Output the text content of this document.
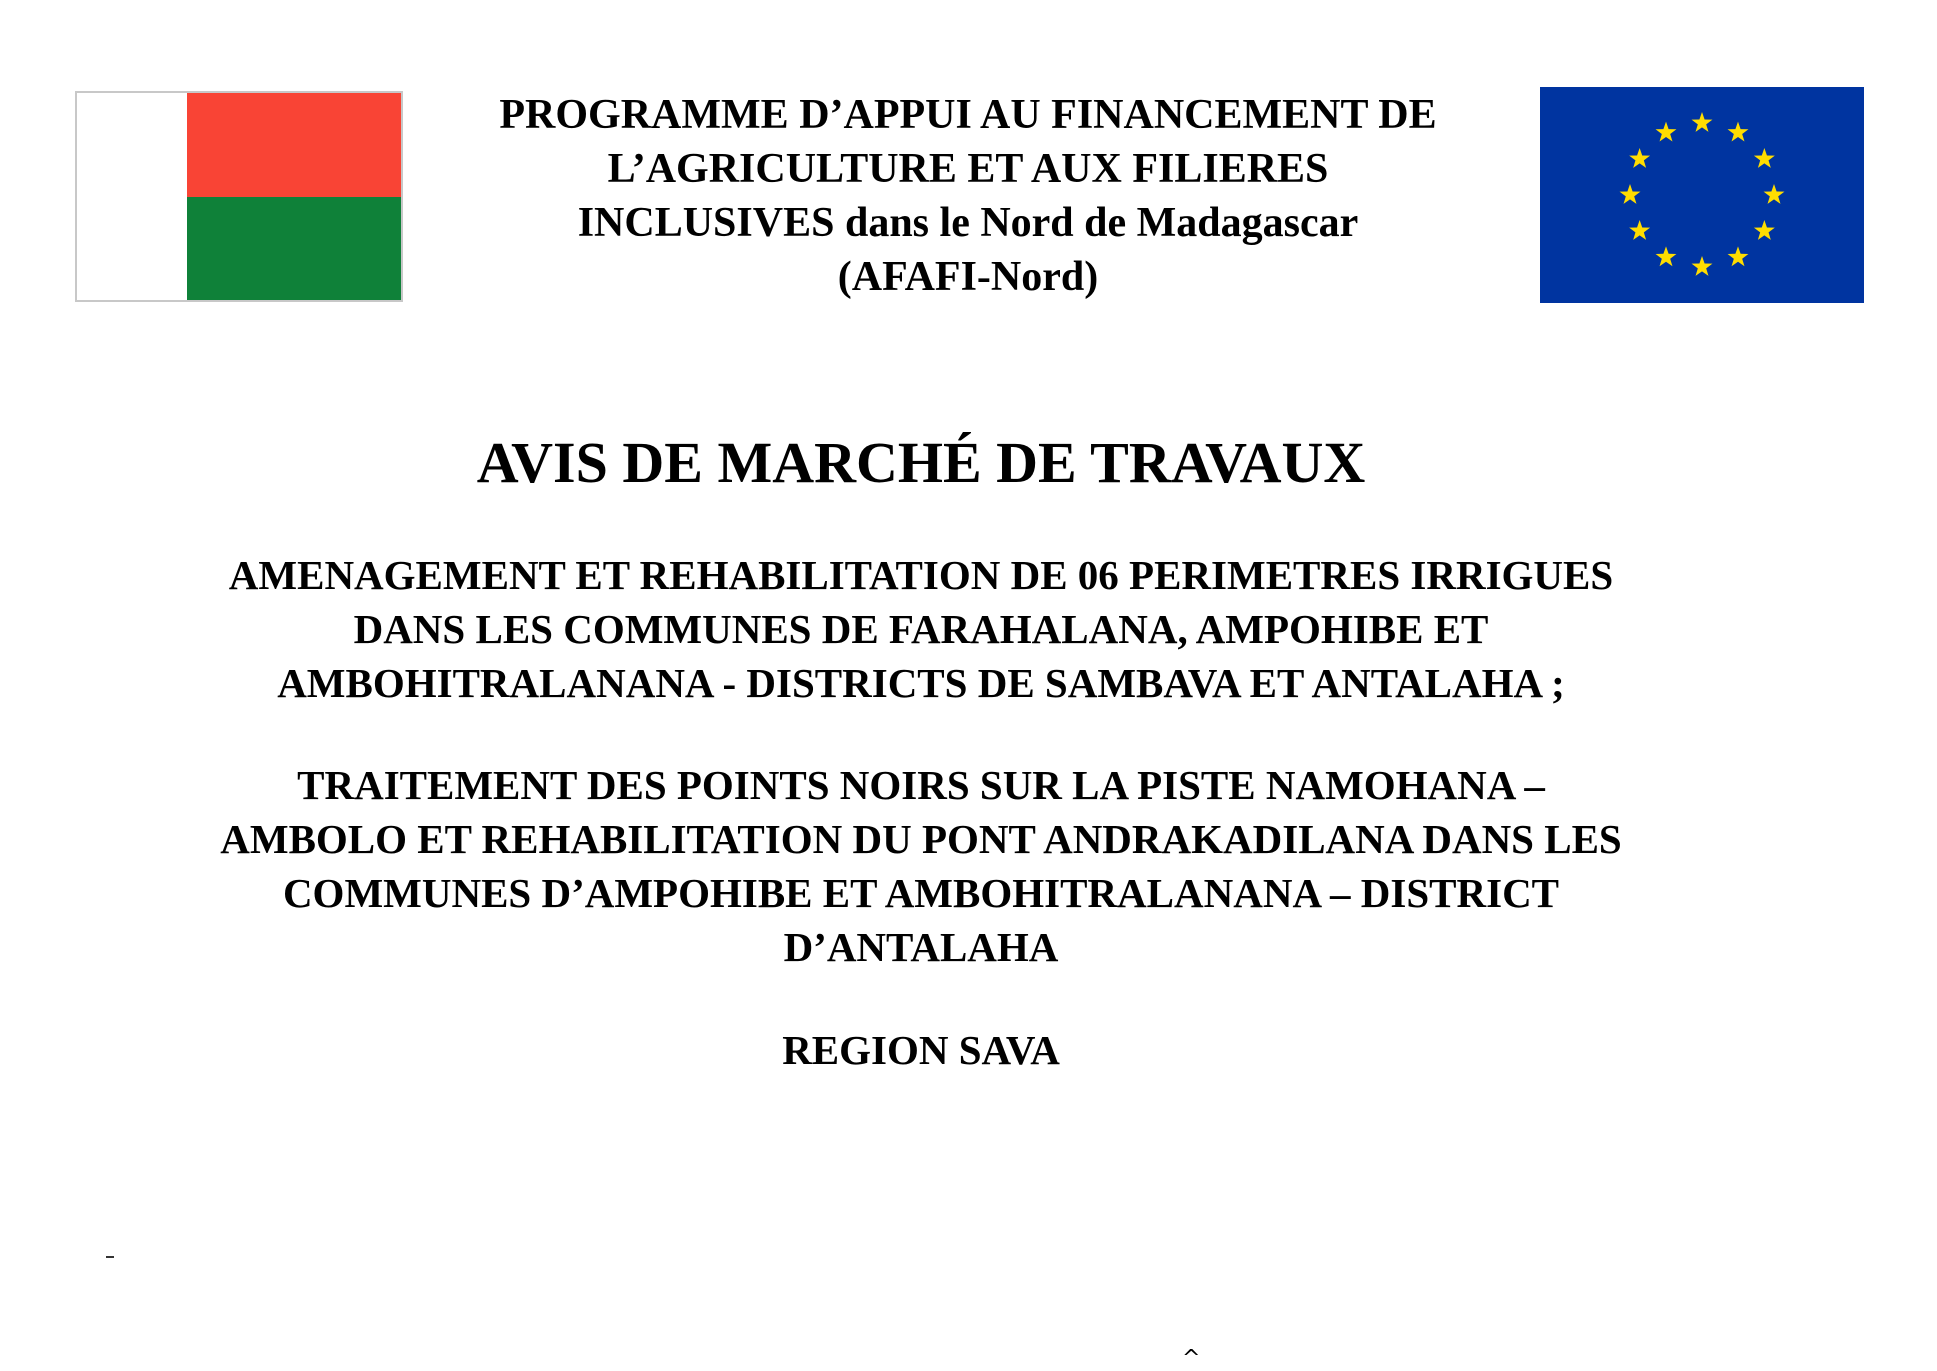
PROGRAMME D’APPUI AU FINANCEMENT DE
L’AGRICULTURE ET AUX FILIERES
INCLUSIVES dans le Nord de Madagascar
(AFAFI-Nord)
AVIS DE MARCHÉ DE TRAVAUX
AMENAGEMENT ET REHABILITATION DE 06 PERIMETRES IRRIGUES
DANS LES COMMUNES DE FARAHALANA, AMPOHIBE ET
AMBOHITRALANANA - DISTRICTS DE SAMBAVA ET ANTALAHA ;
TRAITEMENT DES POINTS NOIRS SUR LA PISTE NAMOHANA –
AMBOLO ET REHABILITATION DU PONT ANDRAKADILANA DANS LES
COMMUNES D’AMPOHIBE ET AMBOHITRALANANA – DISTRICT
D’ANTALAHA
REGION SAVA
^
